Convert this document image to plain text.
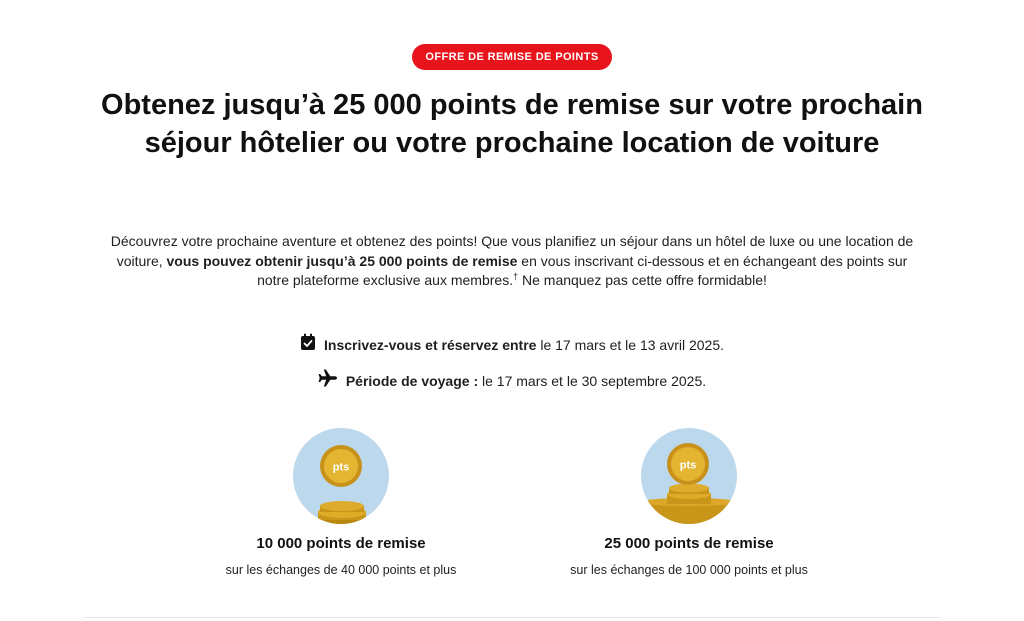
OFFRE DE REMISE DE POINTS
Obtenez jusqu’à 25 000 points de remise sur votre prochain séjour hôtelier ou votre prochaine location de voiture

Découvrez votre prochaine aventure et obtenez des points! Que vous planifiez un séjour dans un hôtel de luxe ou une location de voiture, vous pouvez obtenir jusqu’à 25 000 points de remise en vous inscrivant ci-dessous et en échangeant des points sur notre plateforme exclusive aux membres.† Ne manquez pas cette offre formidable!

Inscrivez-vous et réservez entre le 17 mars et le 13 avril 2025.
Période de voyage : le 17 mars et le 30 septembre 2025.
pts
10 000 points de remise
sur les échanges de 40 000 points et plus
pts
25 000 points de remise
sur les échanges de 100 000 points et plus
